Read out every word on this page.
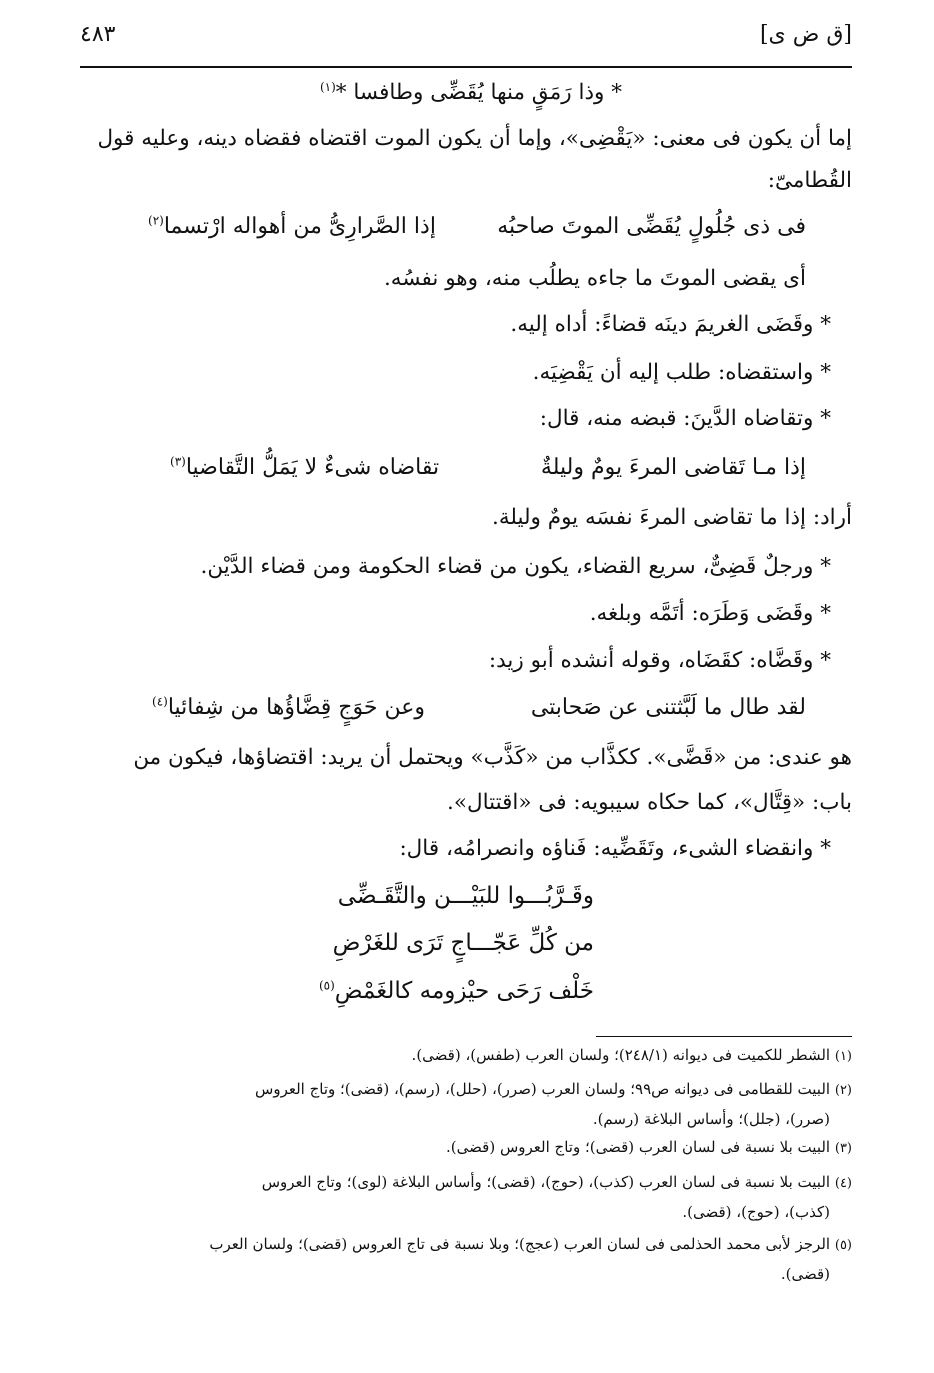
[ق ض ى]
٤٨٣
* وذا رَمَقٍ منها يُقَضِّى وطافسا *$^{(١)}$
إما أن يكون فى معنى: «يَقْضِى»، وإما أن يكون الموت اقتضاه فقضاه دينه، وعليه قول
القُطامىّ:
فى ذى جُلُولٍ يُقَضِّى الموتَ صاحبُه
إذا الصَّرارِىُّ من أهواله ارْتسما$^{(٢)}$
أى يقضى الموتَ ما جاءه يطلُب منه، وهو نفسُه.
* وقَضَى الغريمَ دينَه قضاءً: أداه إليه.
* واستقضاه: طلب إليه أن يَقْضِيَه.
* وتقاضاه الدَّينَ: قبضه منه، قال:
إذا مـا تَقاضى المرءَ يومٌ وليلةٌ
تقاضاه شىءٌ لا يَمَلُّ التَّقاضيا$^{(٣)}$
أراد: إذا ما تقاضى المرءَ نفسَه يومٌ وليلة.
* ورجلٌ قَضِىٌّ، سريع القضاء، يكون من قضاء الحكومة ومن قضاء الدَّيْن.
* وقَضَى وَطَرَه: أتَمَّه وبلغه.
* وقَضَّاه: كقَضَاه، وقوله أنشده أبو زيد:
لقد طال ما لَبَّثتنى عن صَحابتى
وعن حَوَجٍ قِضَّاؤُها من شِفائيا$^{(٤)}$
هو عندى: من «قَضَّى». ككذَّاب من «كَذَّب» ويحتمل أن يريد: اقتضاؤها، فيكون من
باب: «قِتَّال»، كما حكاه سيبويه: فى «اقتتال».
* وانقضاء الشىء، وتَقَضِّيه: فَناؤه وانصرامُه، قال:
وقَـرَّبُـــوا للبَيْـــن والتَّقَـضِّى
من كُلِّ عَجّـــاجٍ تَرَى للغَرْضِ
خَلْف رَحَى حيْزومه كالغَمْضِ$^{(٥)}$
(١) الشطر للكميت فى ديوانه (٢٤٨/١)؛ ولسان العرب (طفس)، (قضى).
(٢) البيت للقطامى فى ديوانه ص٩٩؛ ولسان العرب (صرر)، (حلل)، (رسم)، (قضى)؛ وتاج العروس
(صرر)، (جلل)؛ وأساس البلاغة (رسم).
(٣) البيت بلا نسبة فى لسان العرب (قضى)؛ وتاج العروس (قضى).
(٤) البيت بلا نسبة فى لسان العرب (كذب)، (حوج)، (قضى)؛ وأساس البلاغة (لوى)؛ وتاج العروس
(كذب)، (حوج)، (قضى).
(٥) الرجز لأبى محمد الحذلمى فى لسان العرب (عجج)؛ وبلا نسبة فى تاج العروس (قضى)؛ ولسان العرب
(قضى).
